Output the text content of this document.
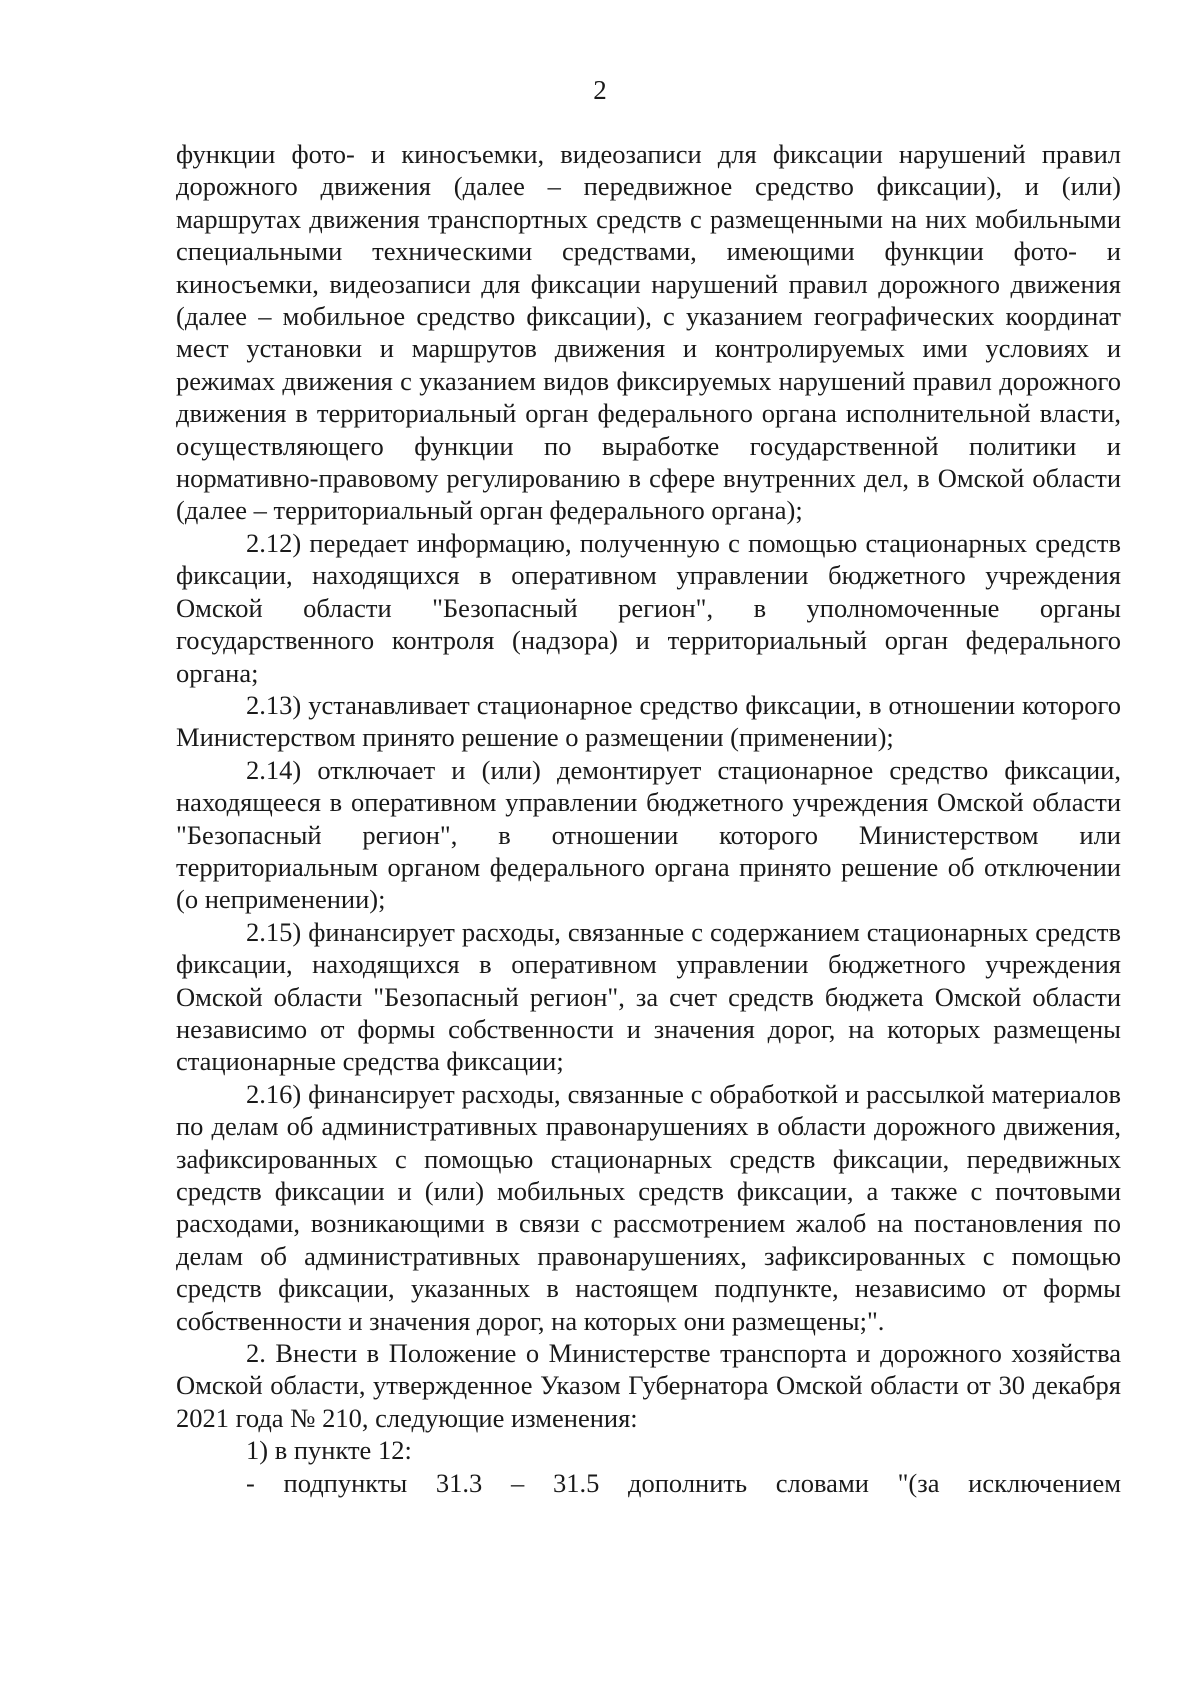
2

функции фото- и киносъемки, видеозаписи для фиксации нарушений правил дорожного движения (далее – передвижное средство фиксации), и (или) маршрутах движения транспортных средств с размещенными на них мобильными специальными техническими средствами, имеющими функции фото- и киносъемки, видеозаписи для фиксации нарушений правил дорожного движения (далее – мобильное средство фиксации), с указанием географических координат мест установки и маршрутов движения и контролируемых ими условиях и режимах движения с указанием видов фиксируемых нарушений правил дорожного движения в территориальный орган федерального органа исполнительной власти, осуществляющего функции по выработке государственной политики и нормативно-правовому регулированию в сфере внутренних дел, в Омской области (далее – территориальный орган федерального органа);

2.12) передает информацию, полученную с помощью стационарных средств фиксации, находящихся в оперативном управлении бюджетного учреждения Омской области "Безопасный регион", в уполномоченные органы государственного контроля (надзора) и территориальный орган федерального органа;

2.13) устанавливает стационарное средство фиксации, в отношении которого Министерством принято решение о размещении (применении);

2.14) отключает и (или) демонтирует стационарное средство фиксации, находящееся в оперативном управлении бюджетного учреждения Омской области "Безопасный регион", в отношении которого Министерством или территориальным органом федерального органа принято решение об отключении (о неприменении);

2.15) финансирует расходы, связанные с содержанием стационарных средств фиксации, находящихся в оперативном управлении бюджетного учреждения Омской области "Безопасный регион", за счет средств бюджета Омской области независимо от формы собственности и значения дорог, на которых размещены стационарные средства фиксации;

2.16) финансирует расходы, связанные с обработкой и рассылкой материалов по делам об административных правонарушениях в области дорожного движения, зафиксированных с помощью стационарных средств фиксации, передвижных средств фиксации и (или) мобильных средств фиксации, а также с почтовыми расходами, возникающими в связи с рассмотрением жалоб на постановления по делам об административных правонарушениях, зафиксированных с помощью средств фиксации, указанных в настоящем подпункте, независимо от формы собственности и значения дорог, на которых они размещены;".

2. Внести в Положение о Министерстве транспорта и дорожного хозяйства Омской области, утвержденное Указом Губернатора Омской области от 30 декабря 2021 года № 210, следующие изменения:

1) в пункте 12:

- подпункты 31.3 – 31.5 дополнить словами "(за исключением
